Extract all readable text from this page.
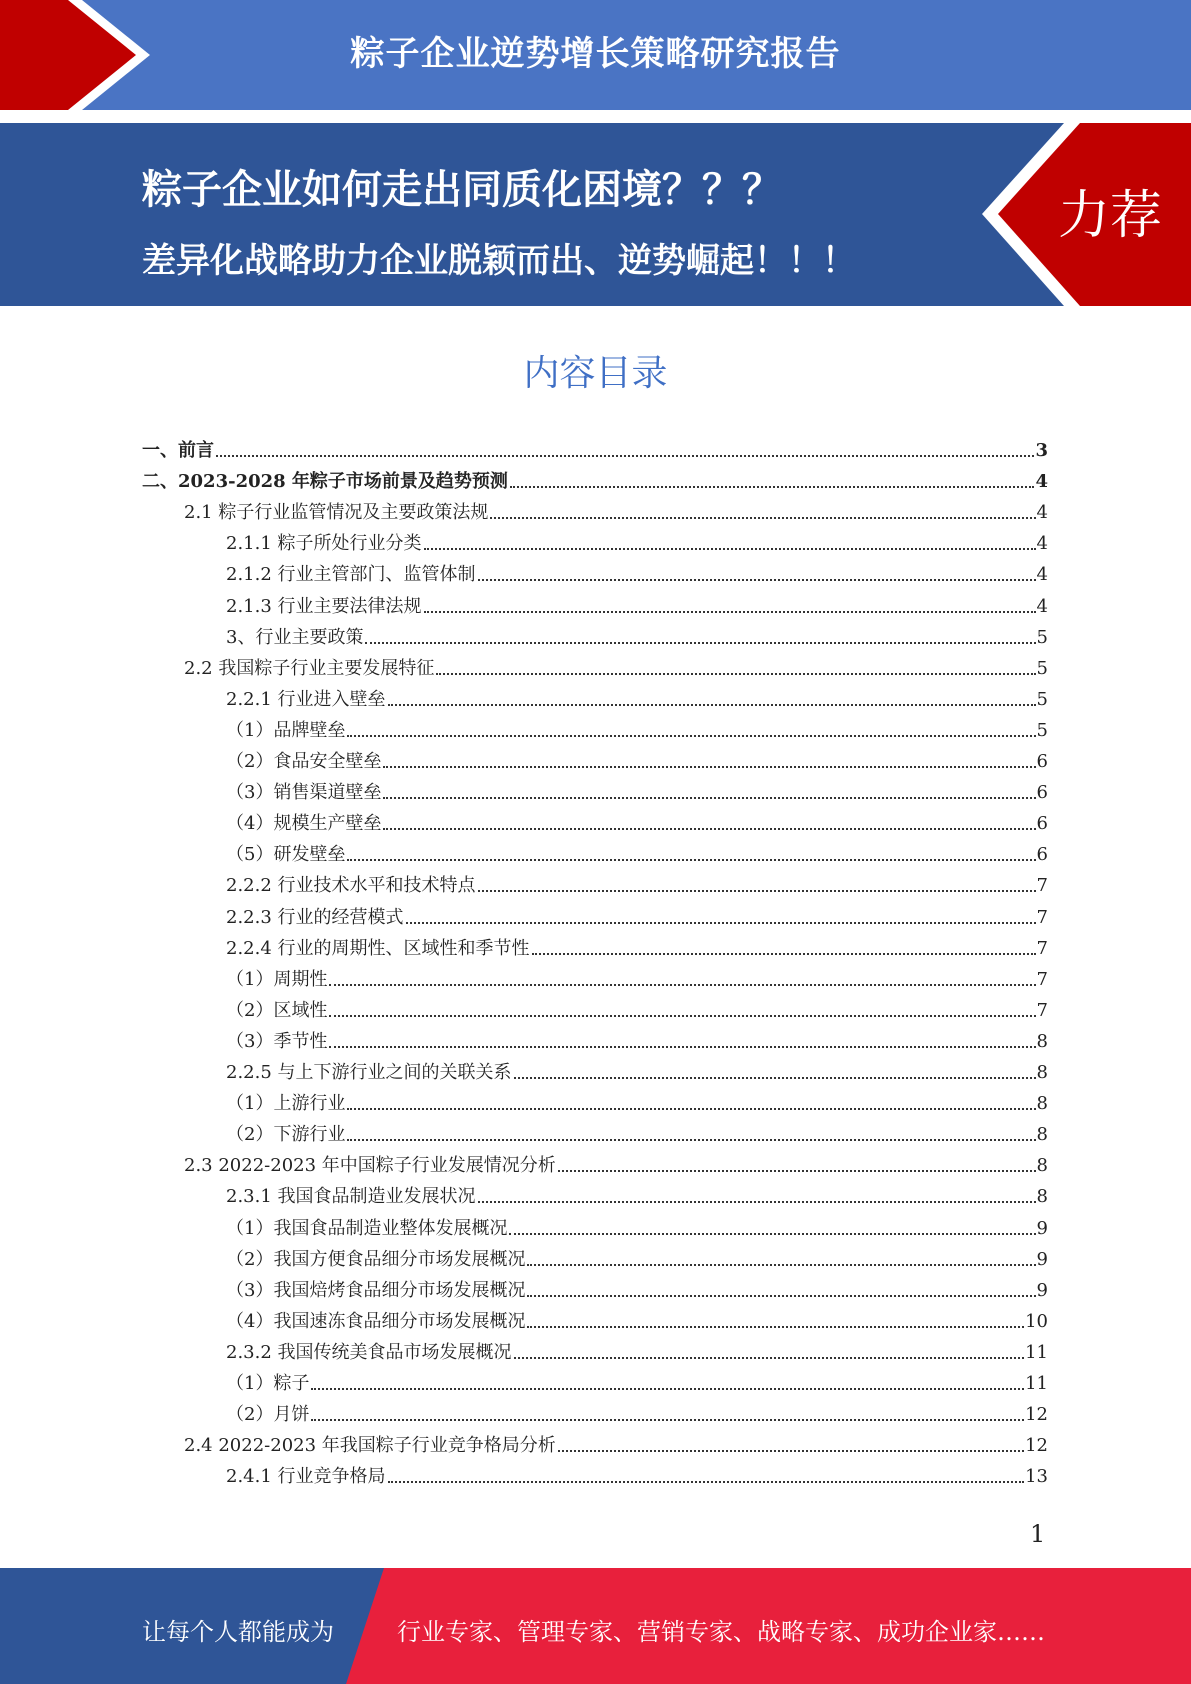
粽子企业逆势增长策略研究报告
粽子企业如何走出同质化困境？？？
差异化战略助力企业脱颖而出、逆势崛起！！！
力荐
内容目录
一、前言	3
二、2023-2028 年粽子市场前景及趋势预测	4
2.1 粽子行业监管情况及主要政策法规	4
2.1.1 粽子所处行业分类	4
2.1.2 行业主管部门、监管体制	4
2.1.3 行业主要法律法规	4
3、行业主要政策	5
2.2 我国粽子行业主要发展特征	5
2.2.1 行业进入壁垒	5
（1）品牌壁垒	5
（2）食品安全壁垒	6
（3）销售渠道壁垒	6
（4）规模生产壁垒	6
（5）研发壁垒	6
2.2.2 行业技术水平和技术特点	7
2.2.3 行业的经营模式	7
2.2.4 行业的周期性、区域性和季节性	7
（1）周期性	7
（2）区域性	7
（3）季节性	8
2.2.5 与上下游行业之间的关联关系	8
（1）上游行业	8
（2）下游行业	8
2.3 2022-2023 年中国粽子行业发展情况分析	8
2.3.1 我国食品制造业发展状况	8
（1）我国食品制造业整体发展概况	9
（2）我国方便食品细分市场发展概况	9
（3）我国焙烤食品细分市场发展概况	9
（4）我国速冻食品细分市场发展概况	10
2.3.2 我国传统美食品市场发展概况	11
（1）粽子	11
（2）月饼	12
2.4 2022-2023 年我国粽子行业竞争格局分析	12
2.4.1 行业竞争格局	13
1
让每个人都能成为	行业专家、管理专家、营销专家、战略专家、成功企业家……
